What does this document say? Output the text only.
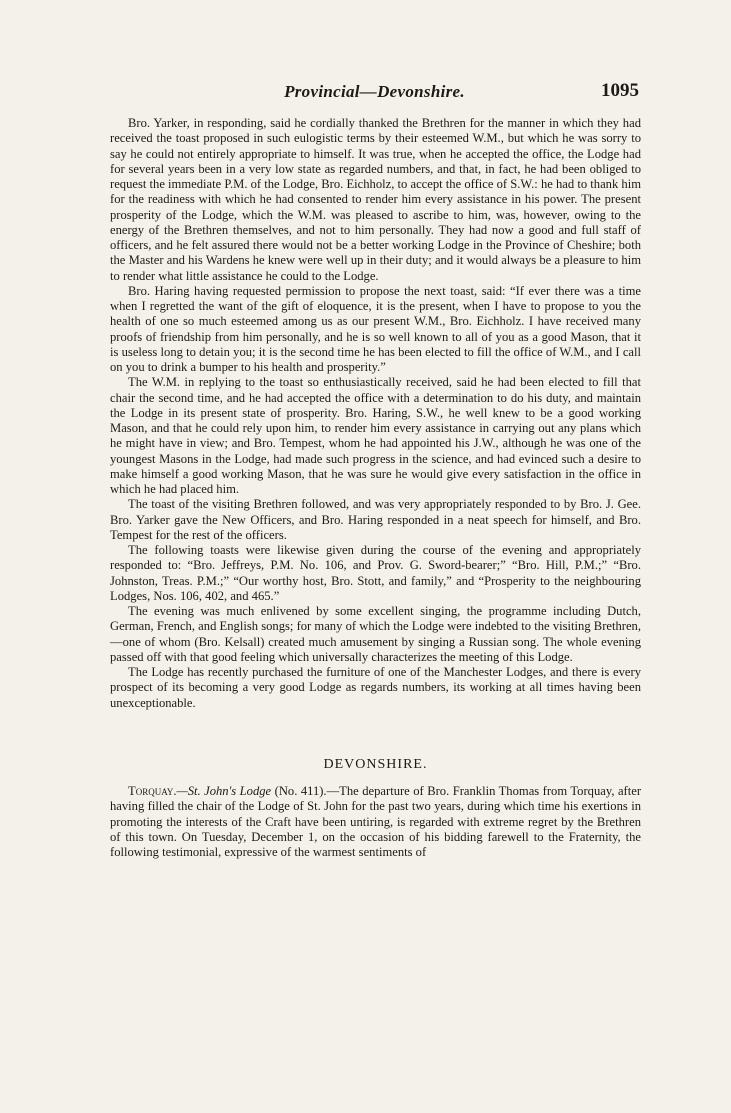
Provincial—Devonshire.	1095

Bro. Yarker, in responding, said he cordially thanked the Brethren for the manner in which they had received the toast proposed in such eulogistic terms by their esteemed W.M., but which he was sorry to say he could not entirely appropriate to himself. It was true, when he accepted the office, the Lodge had for several years been in a very low state as regarded numbers, and that, in fact, he had been obliged to request the immediate P.M. of the Lodge, Bro. Eichholz, to accept the office of S.W.: he had to thank him for the readiness with which he had consented to render him every assistance in his power. The present prosperity of the Lodge, which the W.M. was pleased to ascribe to him, was, however, owing to the energy of the Brethren themselves, and not to him personally. They had now a good and full staff of officers, and he felt assured there would not be a better working Lodge in the Province of Cheshire; both the Master and his Wardens he knew were well up in their duty; and it would always be a pleasure to him to render what little assistance he could to the Lodge.

Bro. Haring having requested permission to propose the next toast, said: “If ever there was a time when I regretted the want of the gift of eloquence, it is the present, when I have to propose to you the health of one so much esteemed among us as our present W.M., Bro. Eichholz. I have received many proofs of friendship from him personally, and he is so well known to all of you as a good Mason, that it is useless long to detain you; it is the second time he has been elected to fill the office of W.M., and I call on you to drink a bumper to his health and prosperity.”

The W.M. in replying to the toast so enthusiastically received, said he had been elected to fill that chair the second time, and he had accepted the office with a determination to do his duty, and maintain the Lodge in its present state of prosperity. Bro. Haring, S.W., he well knew to be a good working Mason, and that he could rely upon him, to render him every assistance in carrying out any plans which he might have in view; and Bro. Tempest, whom he had appointed his J.W., although he was one of the youngest Masons in the Lodge, had made such progress in the science, and had evinced such a desire to make himself a good working Mason, that he was sure he would give every satisfaction in the office in which he had placed him.

The toast of the visiting Brethren followed, and was very appropriately responded to by Bro. J. Gee. Bro. Yarker gave the New Officers, and Bro. Haring responded in a neat speech for himself, and Bro. Tempest for the rest of the officers.

The following toasts were likewise given during the course of the evening and appropriately responded to: “Bro. Jeffreys, P.M. No. 106, and Prov. G. Sword-bearer;” “Bro. Hill, P.M.;” “Bro. Johnston, Treas. P.M.;” “Our worthy host, Bro. Stott, and family,” and “Prosperity to the neighbouring Lodges, Nos. 106, 402, and 465.”

The evening was much enlivened by some excellent singing, the programme including Dutch, German, French, and English songs; for many of which the Lodge were indebted to the visiting Brethren,—one of whom (Bro. Kelsall) created much amusement by singing a Russian song. The whole evening passed off with that good feeling which universally characterizes the meeting of this Lodge.

The Lodge has recently purchased the furniture of one of the Manchester Lodges, and there is every prospect of its becoming a very good Lodge as regards numbers, its working at all times having been unexceptionable.

DEVONSHIRE.

Torquay.—St. John's Lodge (No. 411).—The departure of Bro. Franklin Thomas from Torquay, after having filled the chair of the Lodge of St. John for the past two years, during which time his exertions in promoting the interests of the Craft have been untiring, is regarded with extreme regret by the Brethren of this town. On Tuesday, December 1, on the occasion of his bidding farewell to the Fraternity, the following testimonial, expressive of the warmest sentiments of
